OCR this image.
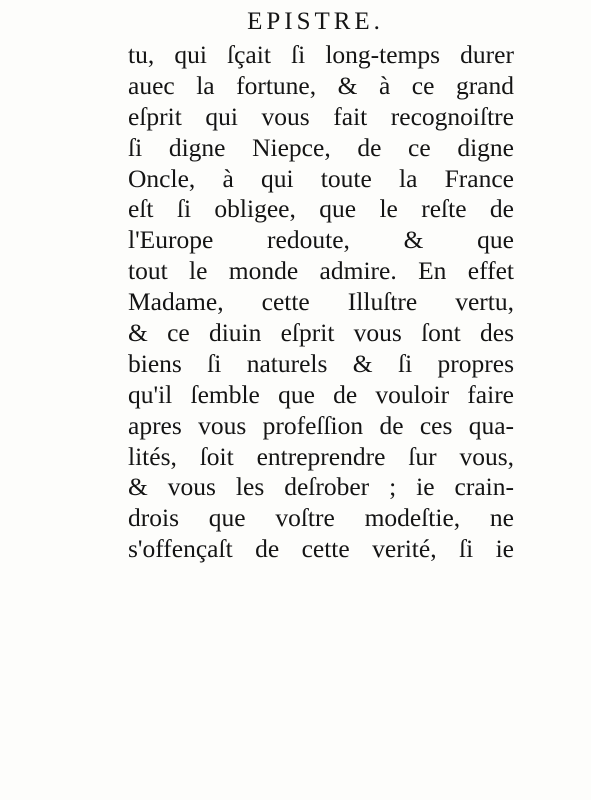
EPISTRE.
tu, qui ſçait ſi long-temps durer
auec la fortune, & à ce grand
eſprit qui vous fait recognoiſtre
ſi digne Niepce, de ce digne
Oncle, à qui toute la France
eſt ſi obligee, que le reſte de
l'Europe redoute, & que
tout le monde admire. En effet
Madame, cette Illuſtre vertu,
& ce diuin eſprit vous ſont des
biens ſi naturels & ſi propres
qu'il ſemble que de vouloir faire
apres vous profeſſion de ces qua-
lités, ſoit entreprendre ſur vous,
& vous les deſrober ; ie crain-
drois que voſtre modeſtie, ne
s'offençaſt de cette verité, ſi ie
